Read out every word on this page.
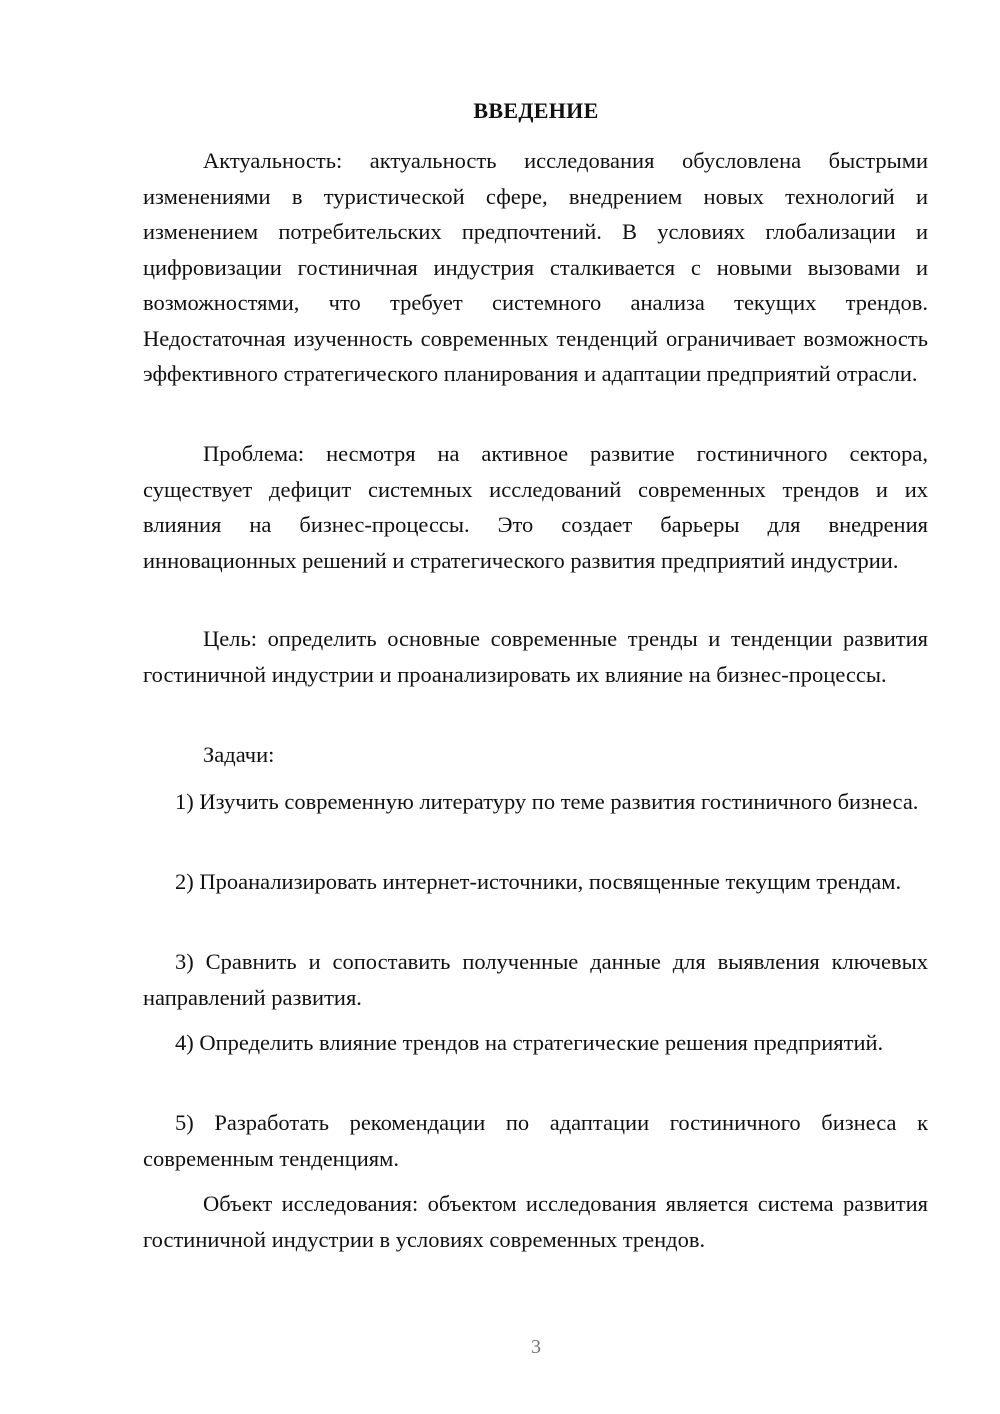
ВВЕДЕНИЕ

Актуальность: актуальность исследования обусловлена быстрыми изменениями в туристической сфере, внедрением новых технологий и изменением потребительских предпочтений. В условиях глобализации и цифровизации гостиничная индустрия сталкивается с новыми вызовами и возможностями, что требует системного анализа текущих трендов. Недостаточная изученность современных тенденций ограничивает возможность эффективного стратегического планирования и адаптации предприятий отрасли.

Проблема: несмотря на активное развитие гостиничного сектора, существует дефицит системных исследований современных трендов и их влияния на бизнес-процессы. Это создает барьеры для внедрения инновационных решений и стратегического развития предприятий индустрии.

Цель: определить основные современные тренды и тенденции развития гостиничной индустрии и проанализировать их влияние на бизнес-процессы.

Задачи:

1) Изучить современную литературу по теме развития гостиничного бизнеса.

2) Проанализировать интернет-источники, посвященные текущим трендам.

3) Сравнить и сопоставить полученные данные для выявления ключевых направлений развития.

4) Определить влияние трендов на стратегические решения предприятий.

5) Разработать рекомендации по адаптации гостиничного бизнеса к современным тенденциям.

Объект исследования: объектом исследования является система развития гостиничной индустрии в условиях современных трендов.

3
